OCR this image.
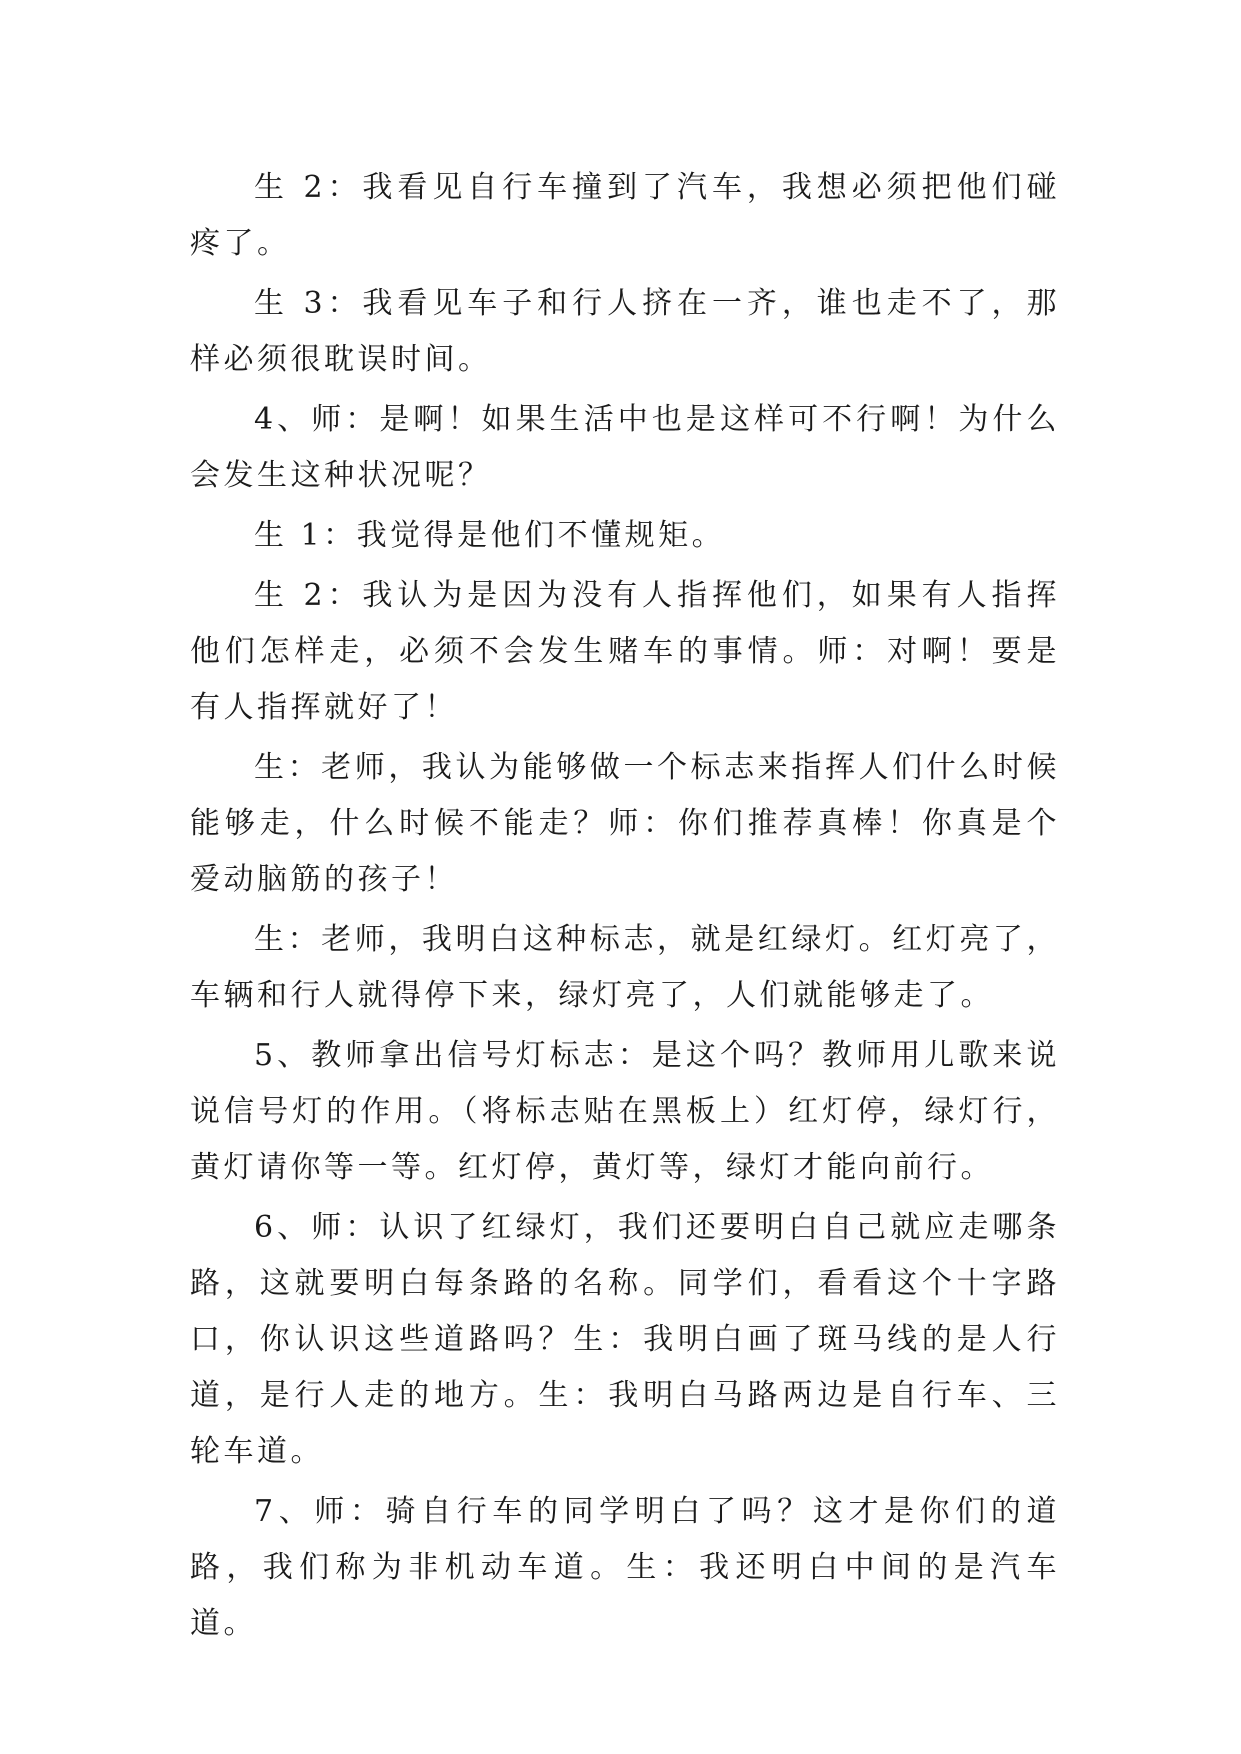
生 2：我看见自行车撞到了汽车，我想必须把他们碰疼了。

生 3：我看见车子和行人挤在一齐，谁也走不了，那样必须很耽误时间。

4、师：是啊！如果生活中也是这样可不行啊！为什么会发生这种状况呢？

生 1：我觉得是他们不懂规矩。

生 2：我认为是因为没有人指挥他们，如果有人指挥他们怎样走，必须不会发生赌车的事情。师：对啊！要是有人指挥就好了！

生：老师，我认为能够做一个标志来指挥人们什么时候能够走，什么时候不能走？师：你们推荐真棒！你真是个爱动脑筋的孩子！

生：老师，我明白这种标志，就是红绿灯。红灯亮了，车辆和行人就得停下来，绿灯亮了，人们就能够走了。

5、教师拿出信号灯标志：是这个吗？教师用儿歌来说说信号灯的作用。（将标志贴在黑板上）红灯停，绿灯行，黄灯请你等一等。红灯停，黄灯等，绿灯才能向前行。

6、师：认识了红绿灯，我们还要明白自己就应走哪条路，这就要明白每条路的名称。同学们，看看这个十字路口，你认识这些道路吗？生：我明白画了斑马线的是人行道，是行人走的地方。生：我明白马路两边是自行车、三轮车道。

7、师：骑自行车的同学明白了吗？这才是你们的道路，我们称为非机动车道。生：我还明白中间的是汽车道。
